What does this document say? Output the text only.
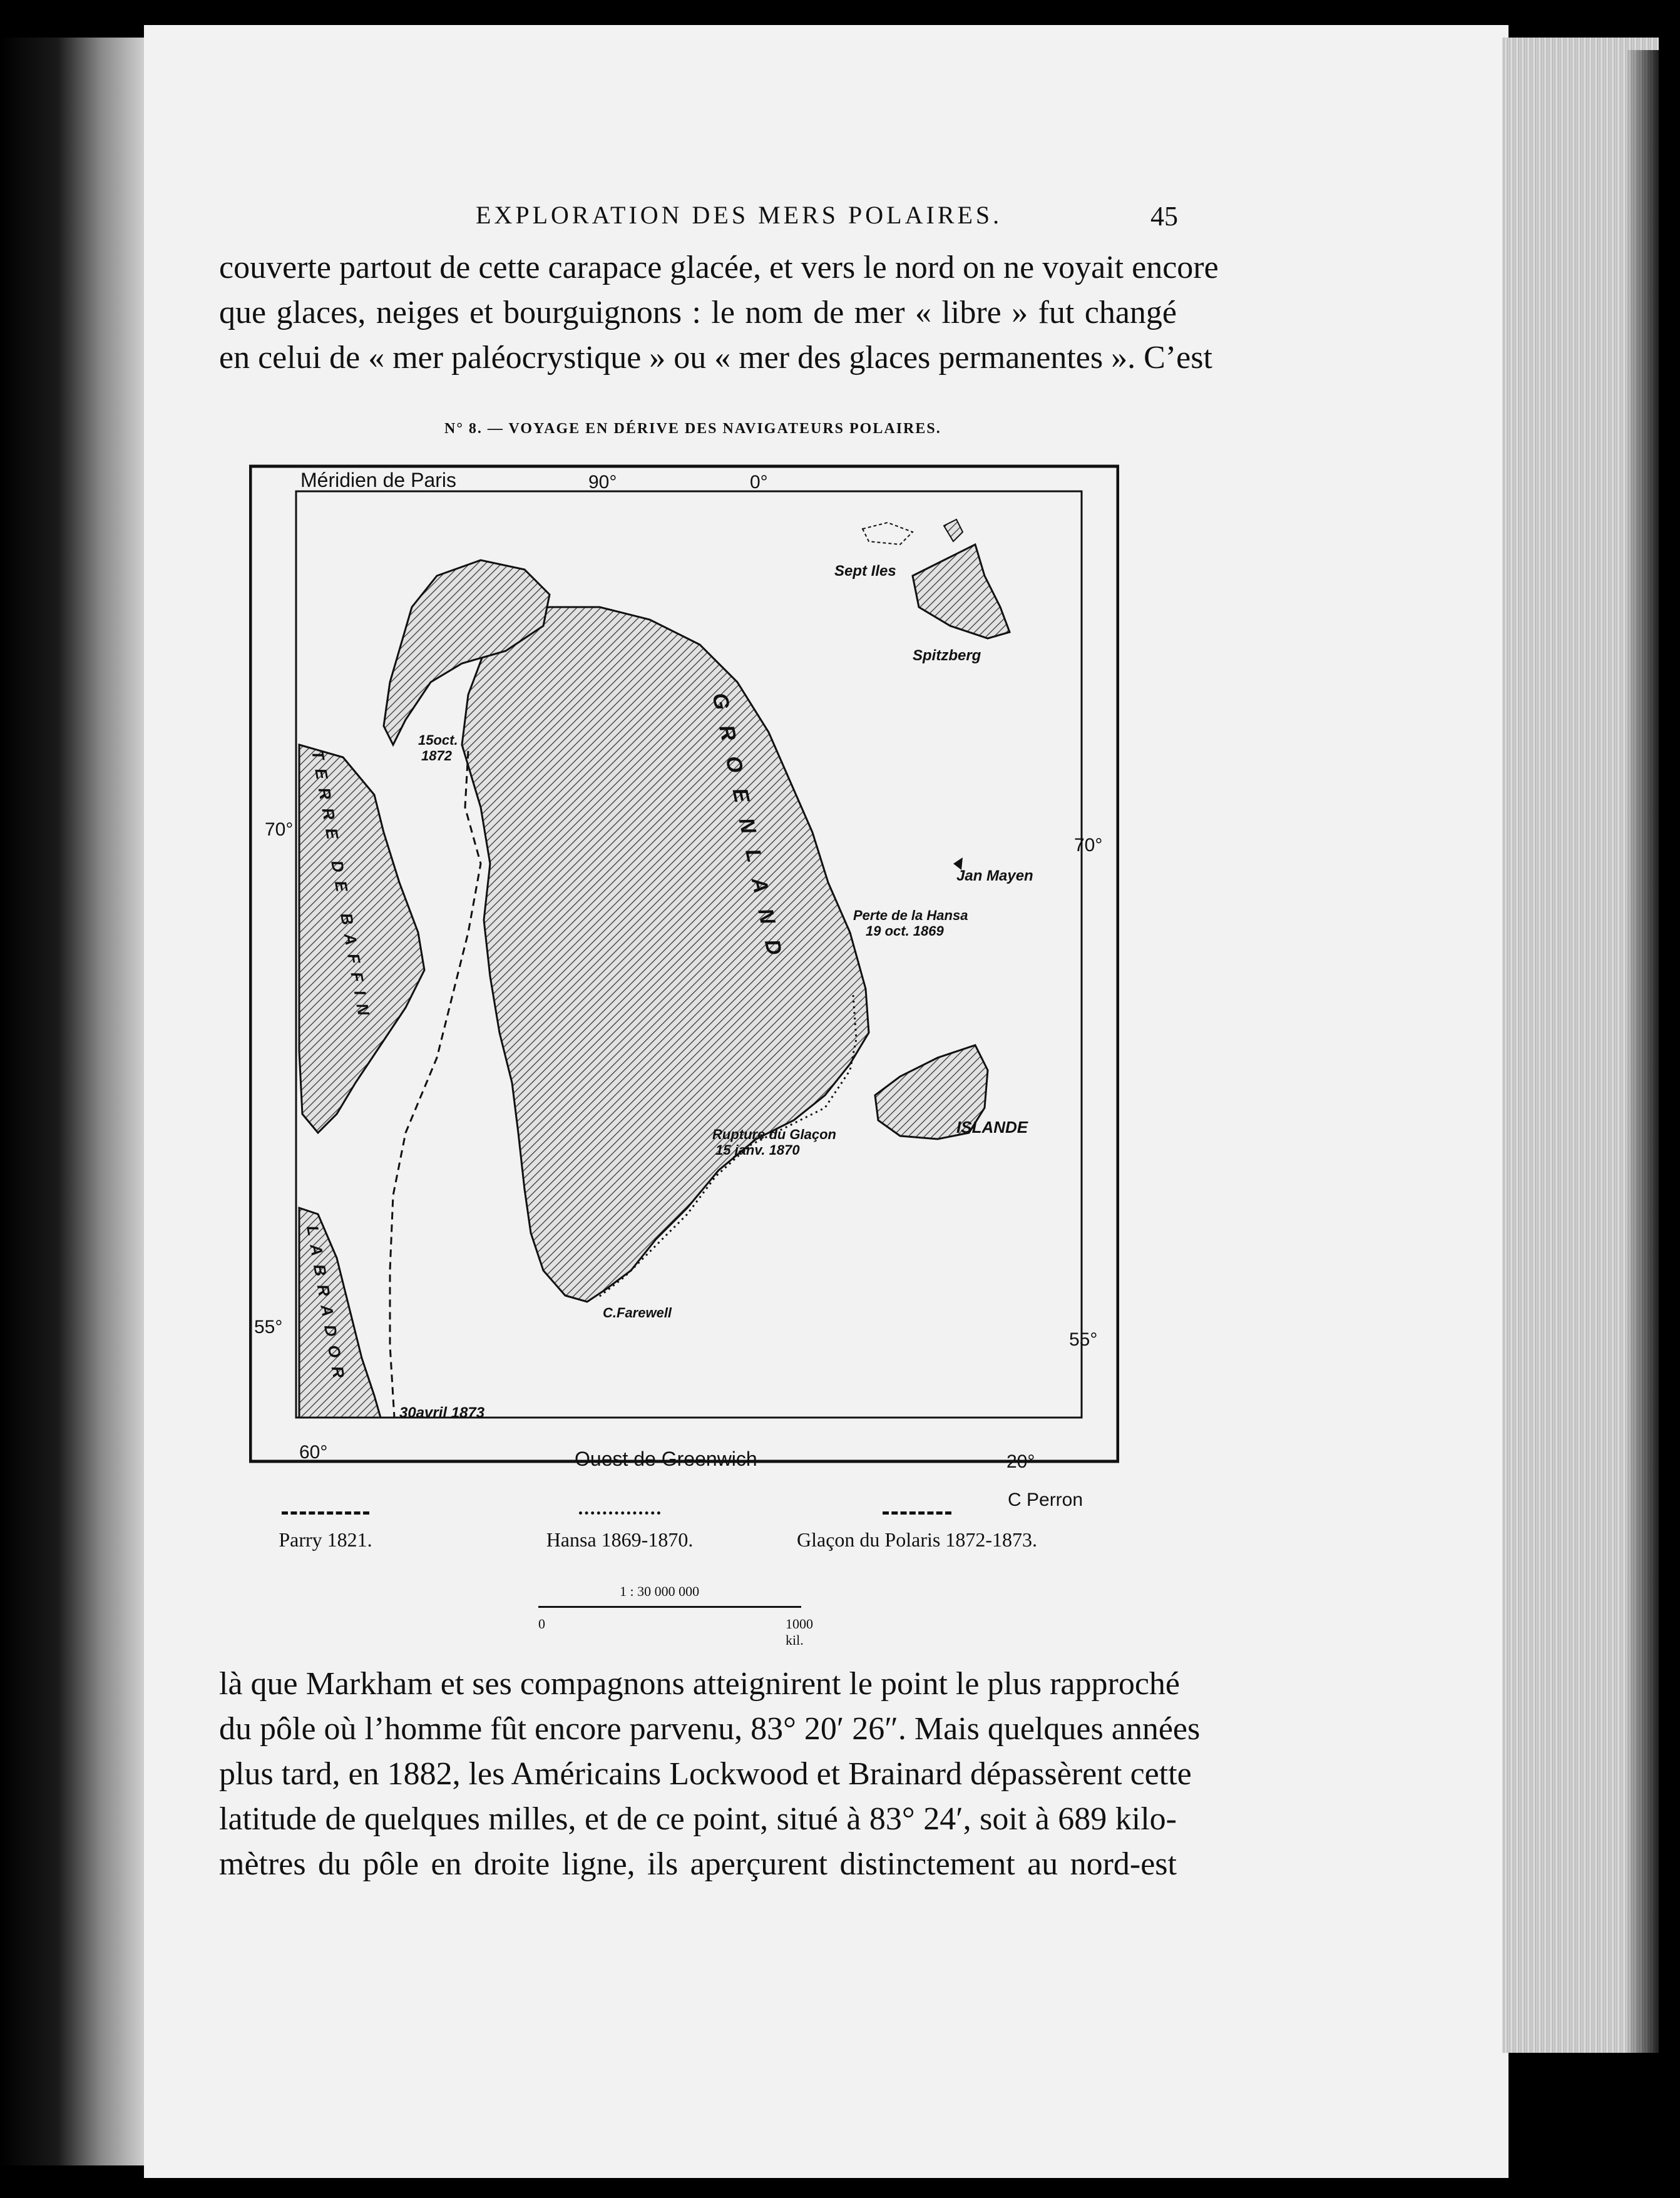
EXPLORATION DES MERS POLAIRES.	45
couverte partout de cette carapace glacée, et vers le nord on ne voyait encore
que glaces, neiges et bourguignons : le nom de mer « libre » fut changé
en celui de « mer paléocrystique » ou « mer des glaces permanentes ». C’est
N° 8. — VOYAGE EN DÉRIVE DES NAVIGATEURS POLAIRES.
Méridien de Paris	90°	0°
70°
70°
55°
55°
60°	20°
Ouest de Greenwich
Sept Iles
Spitzberg
Jan Mayen
ISLANDE
Perte de la Hansa
19 oct. 1869
Rupture du Glaçon
15 janv. 1870
15oct.
1872
C.Farewell
30avril 1873
GROENLAND
TERRE DE BAFFIN
LABRADOR
C Perron
Parry 1821.	Hansa 1869-1870.	Glaçon du Polaris 1872-1873.
1 : 30 000 000
0	1000 kil.
là que Markham et ses compagnons atteignirent le point le plus rapproché
du pôle où l’homme fût encore parvenu, 83° 20′ 26″. Mais quelques années
plus tard, en 1882, les Américains Lockwood et Brainard dépassèrent cette
latitude de quelques milles, et de ce point, situé à 83° 24′, soit à 689 kilo-
mètres du pôle en droite ligne, ils aperçurent distinctement au nord-est
